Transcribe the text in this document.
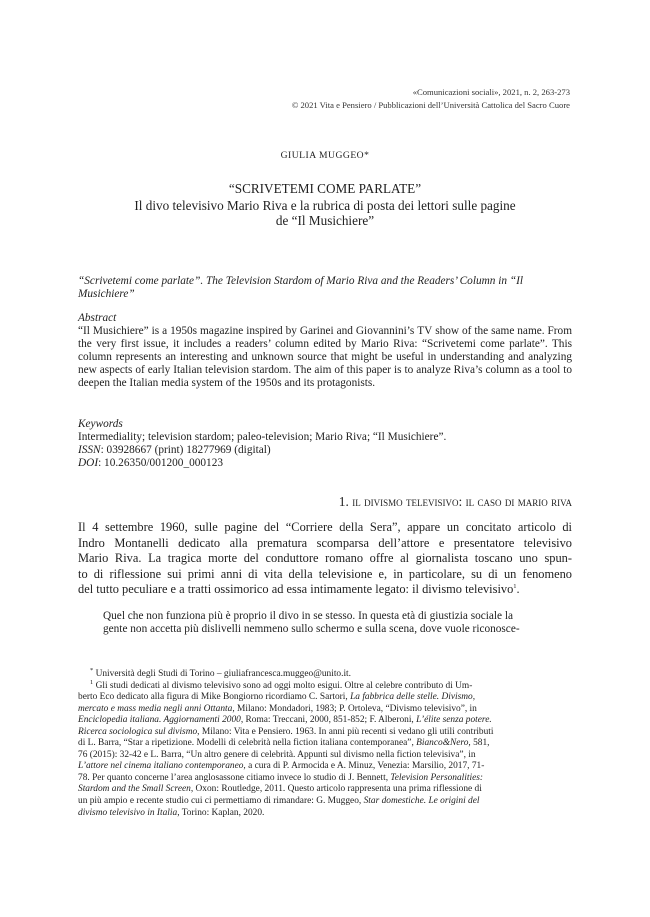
«Comunicazioni sociali», 2021, n. 2, 263-273
© 2021 Vita e Pensiero / Pubblicazioni dell’Università Cattolica del Sacro Cuore
GIULIA MUGGEO*
“SCRIVETEMI COME PARLATE”
Il divo televisivo Mario Riva e la rubrica di posta dei lettori sulle pagine
de “Il Musichiere”
“Scrivetemi come parlate”. The Television Stardom of Mario Riva and the Readers’ Column in “Il Musichiere”
Abstract
“Il Musichiere” is a 1950s magazine inspired by Garinei and Giovannini’s TV show of the same name. From the very first issue, it includes a readers’ column edited by Mario Riva: “Scrivetemi come parlate”. This column represents an interesting and unknown source that might be useful in understanding and analyzing new aspects of early Italian television stardom. The aim of this paper is to analyze Riva’s column as a tool to deepen the Italian media system of the 1950s and its protagonists.
Keywords
Intermediality; television stardom; paleo-television; Mario Riva; “Il Musichiere”.
ISSN: 03928667 (print) 18277969 (digital)
DOI: 10.26350/001200_000123
1. il divismo televisivo: il caso di mario riva
Il 4 settembre 1960, sulle pagine del “Corriere della Sera”, appare un concitato articolo di
Indro Montanelli dedicato alla prematura scomparsa dell’attore e presentatore televisivo
Mario Riva. La tragica morte del conduttore romano offre al giornalista toscano uno spun-
to di riflessione sui primi anni di vita della televisione e, in particolare, su di un fenomeno
del tutto peculiare e a tratti ossimorico ad essa intimamente legato: il divismo televisivo$^1$.
Quel che non funziona più è proprio il divo in se stesso. In questa età di giustizia sociale la
gente non accetta più dislivelli nemmeno sullo schermo e sulla scena, dove vuole riconosce-
* Università degli Studi di Torino – giuliafrancesca.muggeo@unito.it.
$^1$ Gli studi dedicati al divismo televisivo sono ad oggi molto esigui. Oltre al celebre contributo di Um-
berto Eco dedicato alla figura di Mike Bongiorno ricordiamo C. Sartori, La fabbrica delle stelle. Divismo,
mercato e mass media negli anni Ottanta, Milano: Mondadori, 1983; P. Ortoleva, “Divismo televisivo”, in
Enciclopedia italiana. Aggiornamenti 2000, Roma: Treccani, 2000, 851-852; F. Alberoni, L’élite senza potere.
Ricerca sociologica sul divismo, Milano: Vita e Pensiero. 1963. In anni più recenti si vedano gli utili contributi
di L. Barra, “Star a ripetizione. Modelli di celebrità nella fiction italiana contemporanea”, Bianco&Nero, 581,
76 (2015): 32-42 e L. Barra, “Un altro genere di celebrità. Appunti sul divismo nella fiction televisiva”, in
L’attore nel cinema italiano contemporaneo, a cura di P. Armocida e A. Minuz, Venezia: Marsilio, 2017, 71-
78. Per quanto concerne l’area anglosassone citiamo invece lo studio di J. Bennett, Television Personalities:
Stardom and the Small Screen, Oxon: Routledge, 2011. Questo articolo rappresenta una prima riflessione di
un più ampio e recente studio cui ci permettiamo di rimandare: G. Muggeo, Star domestiche. Le origini del
divismo televisivo in Italia, Torino: Kaplan, 2020.
